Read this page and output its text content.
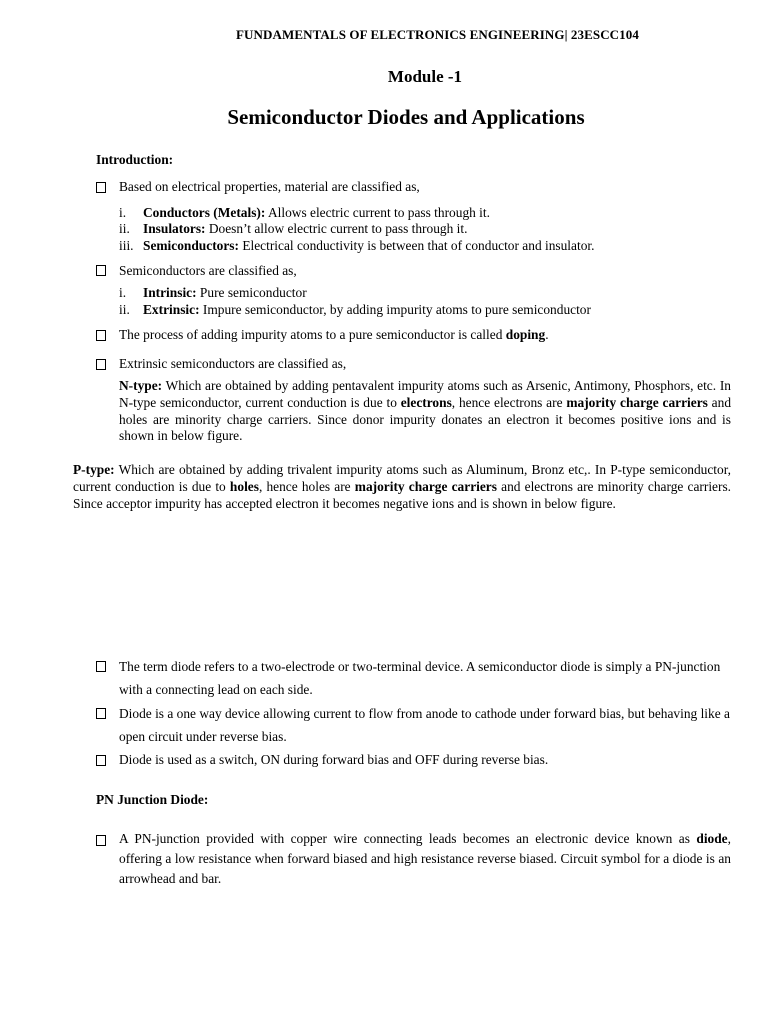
FUNDAMENTALS OF ELECTRONICS ENGINEERING| 23ESCC104
Module -1
Semiconductor Diodes and Applications
Introduction:
Based on electrical properties, material are classified as,
i. Conductors (Metals): Allows electric current to pass through it.
ii. Insulators: Doesn’t allow electric current to pass through it.
iii. Semiconductors: Electrical conductivity is between that of conductor and insulator.
Semiconductors are classified as,
i. Intrinsic: Pure semiconductor
ii. Extrinsic: Impure semiconductor, by adding impurity atoms to pure semiconductor
The process of adding impurity atoms to a pure semiconductor is called doping.
Extrinsic semiconductors are classified as,
N-type: Which are obtained by adding pentavalent impurity atoms such as Arsenic, Antimony, Phosphors, etc. In N-type semiconductor, current conduction is due to electrons, hence electrons are majority charge carriers and holes are minority charge carriers. Since donor impurity donates an electron it becomes positive ions and is shown in below figure.
P-type: Which are obtained by adding trivalent impurity atoms such as Aluminum, Bronz etc,. In P-type semiconductor, current conduction is due to holes, hence holes are majority charge carriers and electrons are minority charge carriers. Since acceptor impurity has accepted electron it becomes negative ions and is shown in below figure.
The term diode refers to a two-electrode or two-terminal device. A semiconductor diode is simply a PN-junction with a connecting lead on each side.
Diode is a one way device allowing current to flow from anode to cathode under forward bias, but behaving like a open circuit under reverse bias.
Diode is used as a switch, ON during forward bias and OFF during reverse bias.
PN Junction Diode:
A PN-junction provided with copper wire connecting leads becomes an electronic device known as diode, offering a low resistance when forward biased and high resistance reverse biased. Circuit symbol for a diode is an arrowhead and bar.
